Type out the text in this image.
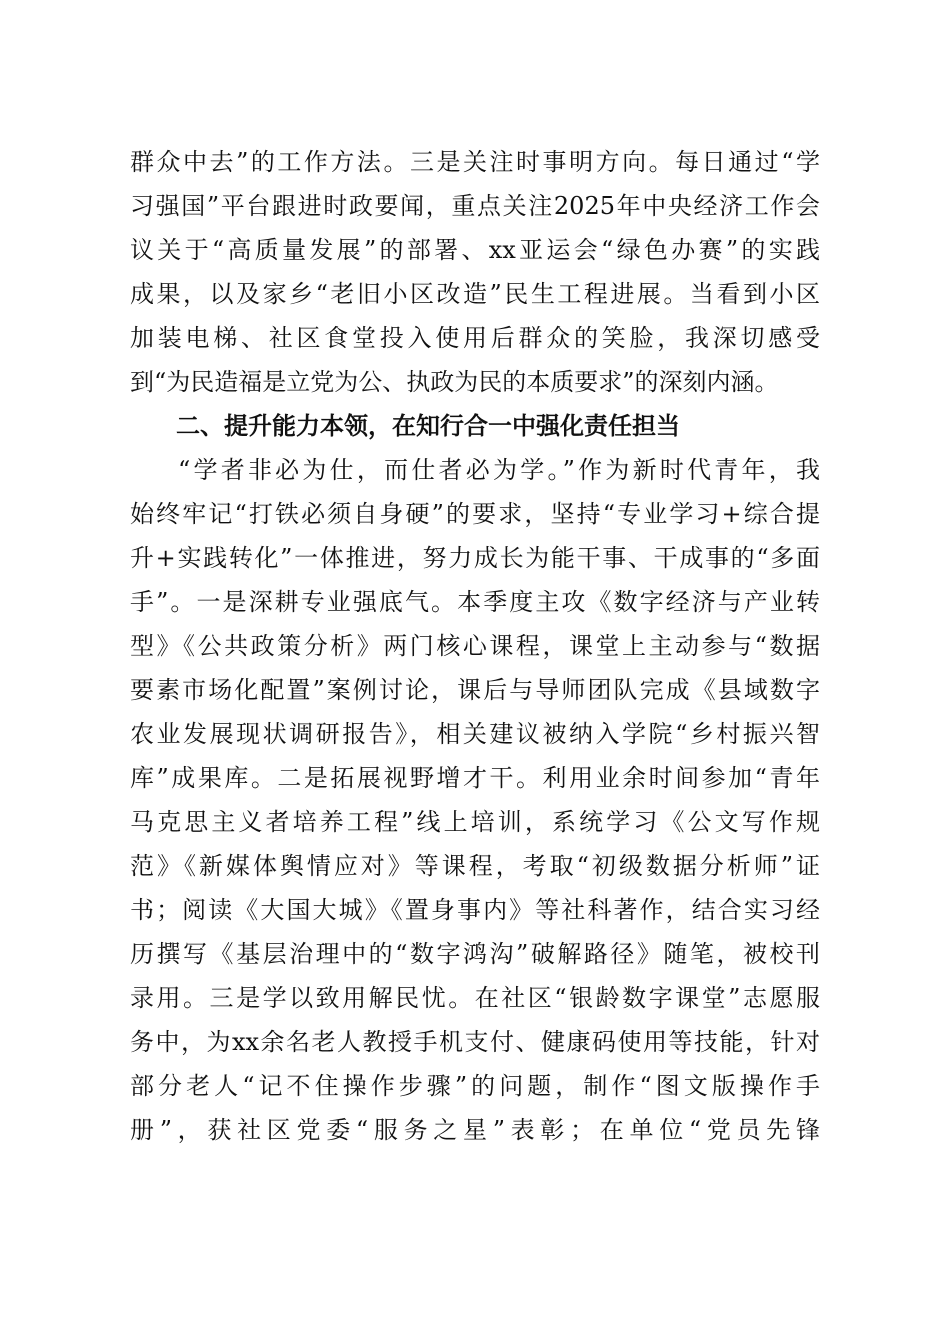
群众中去”的工作方法。三是关注时事明方向。每日通过“学
习强国”平台跟进时政要闻，重点关注2025年中央经济工作会
议关于“高质量发展”的部署、xx亚运会“绿色办赛”的实践
成果，以及家乡“老旧小区改造”民生工程进展。当看到小区
加装电梯、社区食堂投入使用后群众的笑脸，我深切感受
到“为民造福是立党为公、执政为民的本质要求”的深刻内涵。
二、提升能力本领，在知行合一中强化责任担当
“学者非必为仕，而仕者必为学。”作为新时代青年，我
始终牢记“打铁必须自身硬”的要求，坚持“专业学习+综合提
升+实践转化”一体推进，努力成长为能干事、干成事的“多面
手”。一是深耕专业强底气。本季度主攻《数字经济与产业转
型》《公共政策分析》两门核心课程，课堂上主动参与“数据
要素市场化配置”案例讨论，课后与导师团队完成《县域数字
农业发展现状调研报告》，相关建议被纳入学院“乡村振兴智
库”成果库。二是拓展视野增才干。利用业余时间参加“青年
马克思主义者培养工程”线上培训，系统学习《公文写作规
范》《新媒体舆情应对》等课程，考取“初级数据分析师”证
书；阅读《大国大城》《置身事内》等社科著作，结合实习经
历撰写《基层治理中的“数字鸿沟”破解路径》随笔，被校刊
录用。三是学以致用解民忧。在社区“银龄数字课堂”志愿服
务中，为xx余名老人教授手机支付、健康码使用等技能，针对
部分老人“记不住操作步骤”的问题，制作“图文版操作手
册”，获社区党委“服务之星”表彰；在单位“党员先锋
